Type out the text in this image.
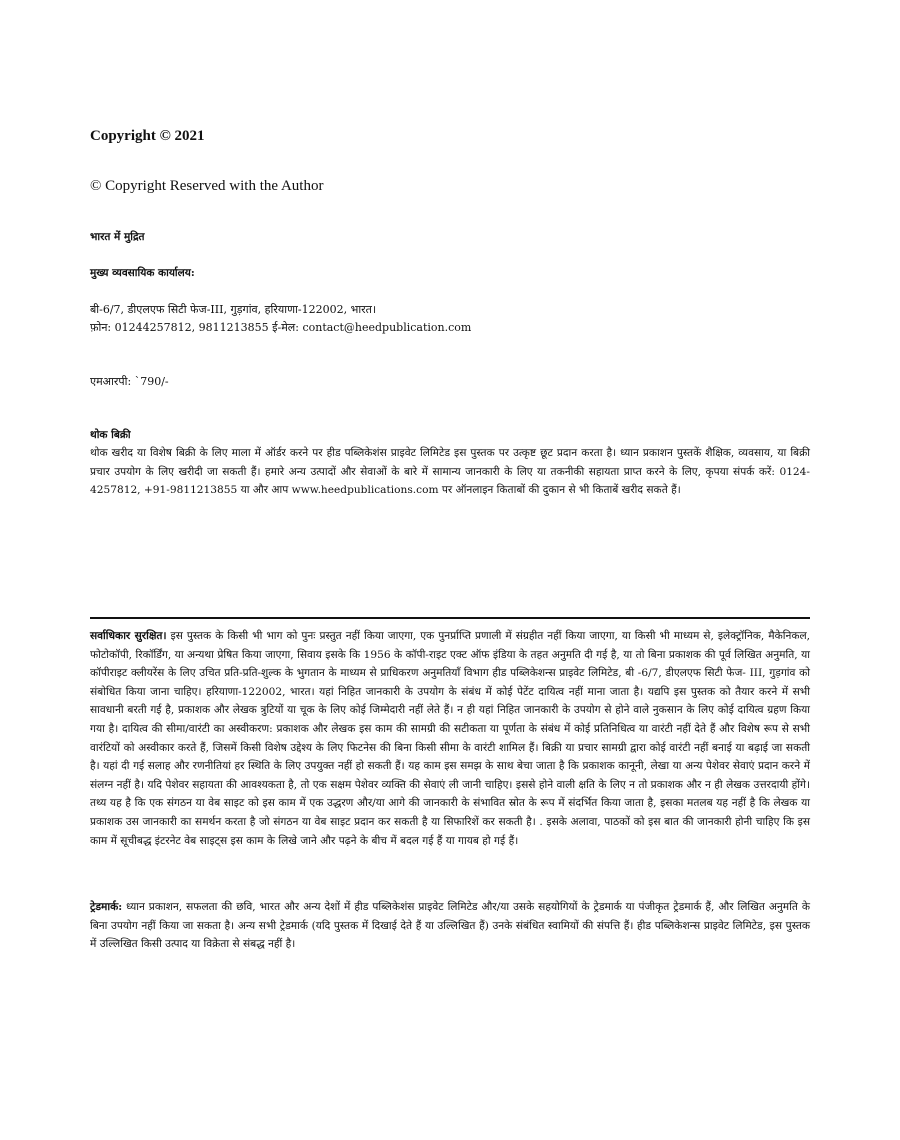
Copyright © 2021
© Copyright Reserved with the Author
भारत में मुद्रित
मुख्य व्यवसायिक कार्यालय:
बी-6/7, डीएलएफ सिटी फेज-III, गुड़गांव, हरियाणा-122002, भारत।
फ़ोन: 01244257812, 9811213855 ई-मेल: contact@heedpublication.com
एमआरपी: `790/-
थोक बिक्री
थोक खरीद या विशेष बिक्री के लिए माला में ऑर्डर करने पर हीड पब्लिकेशंस प्राइवेट लिमिटेड इस पुस्तक पर उत्कृष्ट छूट प्रदान करता है। ध्यान प्रकाशन पुस्तकें शैक्षिक, व्यवसाय, या बिक्री प्रचार उपयोग के लिए खरीदी जा सकती हैं। हमारे अन्य उत्पादों और सेवाओं के बारे में सामान्य जानकारी के लिए या तकनीकी सहायता प्राप्त करने के लिए, कृपया संपर्क करें: 0124-4257812, +91-9811213855 या और आप www.heedpublications.com पर ऑनलाइन किताबों की दुकान से भी किताबें खरीद सकते हैं।
सर्वाधिकार सुरक्षित। इस पुस्तक के किसी भी भाग को पुनः प्रस्तुत नहीं किया जाएगा, एक पुनर्प्राप्ति प्रणाली में संग्रहीत नहीं किया जाएगा, या किसी भी माध्यम से, इलेक्ट्रॉनिक, मैकेनिकल, फोटोकॉपी, रिकॉर्डिंग, या अन्यथा प्रेषित किया जाएगा, सिवाय इसके कि 1956 के कॉपी-राइट एक्ट ऑफ इंडिया के तहत अनुमति दी गई है, या तो बिना प्रकाशक की पूर्व लिखित अनुमति, या कॉपीराइट क्लीयरेंस के लिए उचित प्रति-प्रति-शुल्क के भुगतान के माध्यम से प्राधिकरण अनुमतियाँ विभाग हीड पब्लिकेशन्स प्राइवेट लिमिटेड, बी -6/7, डीएलएफ सिटी फेज- III, गुड़गांव को संबोधित किया जाना चाहिए। हरियाणा-122002, भारत। यहां निहित जानकारी के उपयोग के संबंध में कोई पेटेंट दायित्व नहीं माना जाता है। यद्यपि इस पुस्तक को तैयार करने में सभी सावधानी बरती गई है, प्रकाशक और लेखक त्रुटियों या चूक के लिए कोई जिम्मेदारी नहीं लेते हैं। न ही यहां निहित जानकारी के उपयोग से होने वाले नुकसान के लिए कोई दायित्व ग्रहण किया गया है। दायित्व की सीमा/वारंटी का अस्वीकरण: प्रकाशक और लेखक इस काम की सामग्री की सटीकता या पूर्णता के संबंध में कोई प्रतिनिधित्व या वारंटी नहीं देते हैं और विशेष रूप से सभी वारंटियों को अस्वीकार करते हैं, जिसमें किसी विशेष उद्देश्य के लिए फिटनेस की बिना किसी सीमा के वारंटी शामिल हैं। बिक्री या प्रचार सामग्री द्वारा कोई वारंटी नहीं बनाई या बढ़ाई जा सकती है। यहां दी गई सलाह और रणनीतियां हर स्थिति के लिए उपयुक्त नहीं हो सकती हैं। यह काम इस समझ के साथ बेचा जाता है कि प्रकाशक कानूनी, लेखा या अन्य पेशेवर सेवाएं प्रदान करने में संलग्न नहीं है। यदि पेशेवर सहायता की आवश्यकता है, तो एक सक्षम पेशेवर व्यक्ति की सेवाएं ली जानी चाहिए। इससे होने वाली क्षति के लिए न तो प्रकाशक और न ही लेखक उत्तरदायी होंगे। तथ्य यह है कि एक संगठन या वेब साइट को इस काम में एक उद्धरण और/या आगे की जानकारी के संभावित स्रोत के रूप में संदर्भित किया जाता है, इसका मतलब यह नहीं है कि लेखक या प्रकाशक उस जानकारी का समर्थन करता है जो संगठन या वेब साइट प्रदान कर सकती है या सिफारिशें कर सकती है। . इसके अलावा, पाठकों को इस बात की जानकारी होनी चाहिए कि इस काम में सूचीबद्ध इंटरनेट वेब साइट्स इस काम के लिखे जाने और पढ़ने के बीच में बदल गई हैं या गायब हो गई हैं।
ट्रेडमार्क: ध्यान प्रकाशन, सफलता की छवि, भारत और अन्य देशों में हीड पब्लिकेशंस प्राइवेट लिमिटेड और/या उसके सहयोगियों के ट्रेडमार्क या पंजीकृत ट्रेडमार्क हैं, और लिखित अनुमति के बिना उपयोग नहीं किया जा सकता है। अन्य सभी ट्रेडमार्क (यदि पुस्तक में दिखाई देते हैं या उल्लिखित हैं) उनके संबंधित स्वामियों की संपत्ति हैं। हीड पब्लिकेशन्स प्राइवेट लिमिटेड, इस पुस्तक में उल्लिखित किसी उत्पाद या विक्रेता से संबद्ध नहीं है।
